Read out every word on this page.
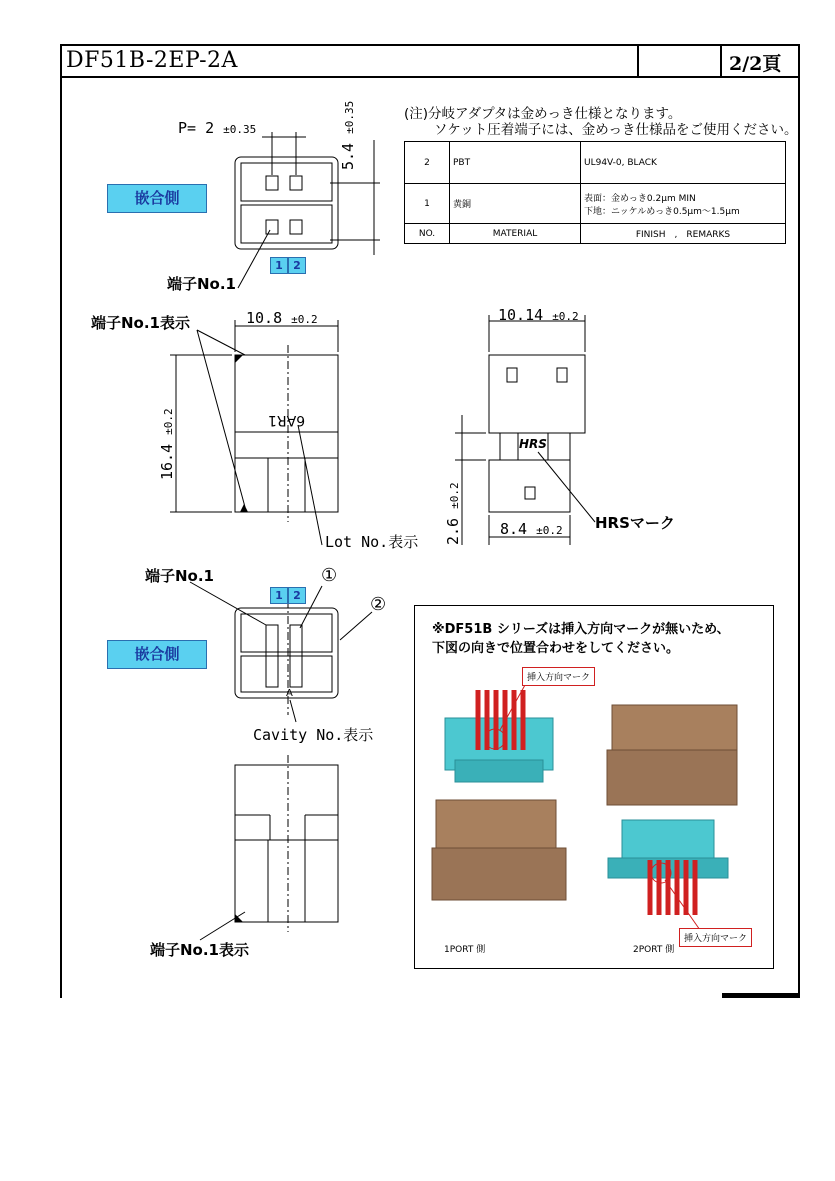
DF51B-2EP-2A	2/2頁
(注)分岐アダプタは金めっき仕様となります。
ソケット圧着端子には、金めっき仕様品をご使用ください。
2	PBT	UL94V-0, BLACK
1	黄銅	表面：金めっき0.2μm MIN
下地：ニッケルめっき0.5μm〜1.5μm

NO.	MATERIAL	FINISH　,　REMARKS
P= 2 ±0.35
5.4 ±0.35
嵌合側
1 2
端子No.1
端子No.1表示	10.8 ±0.2
16.4 ±0.2	6AR1
Lot No.表示
10.14 ±0.2
8.4 ±0.2
2.6 ±0.2
HRS
HRSマーク
端子No.1	①
②
1 2
嵌合側
A
Cavity No.表示
端子No.1表示
※DF51B シリーズは挿入方向マークが無いため、
下図の向きで位置合わせをしてください。
挿入方向マーク
挿入方向マーク
1PORT 側	2PORT 側
